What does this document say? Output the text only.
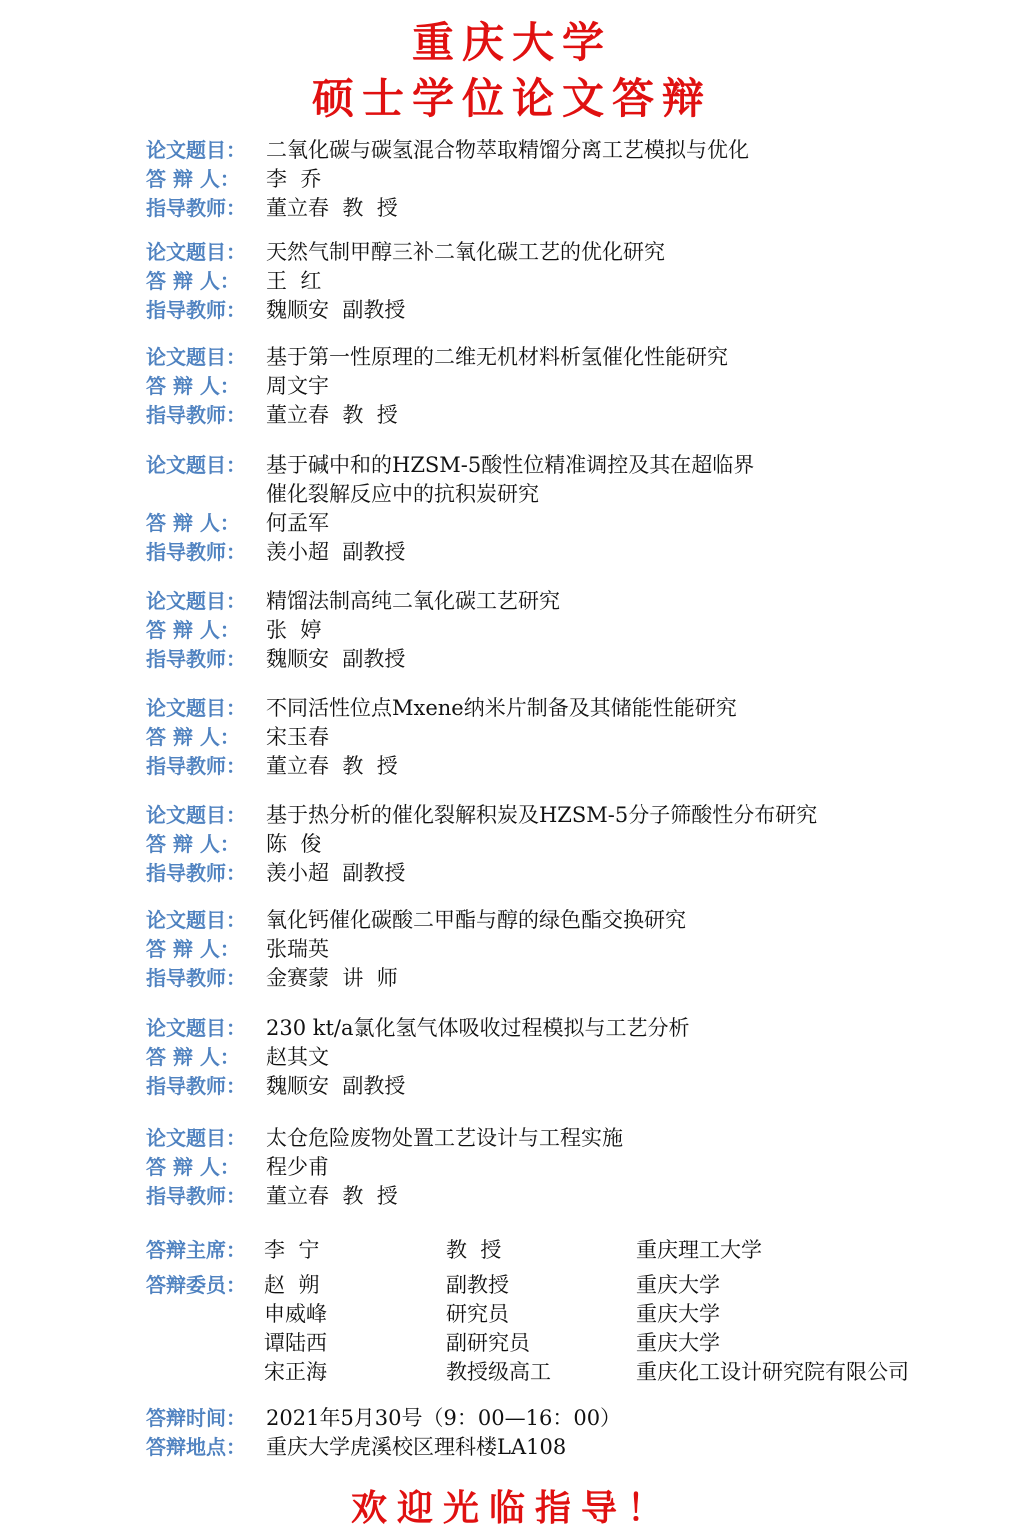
重庆大学
硕士学位论文答辩
论文题目： 二氧化碳与碳氢混合物萃取精馏分离工艺模拟与优化
答 辩 人：	李  乔
指导教师： 董立春  教  授
论文题目： 天然气制甲醇三补二氧化碳工艺的优化研究
答 辩 人：	王  红
指导教师： 魏顺安  副教授
论文题目： 基于第一性原理的二维无机材料析氢催化性能研究
答 辩 人：	周文宇
指导教师： 董立春  教  授
论文题目： 基于碱中和的HZSM-5酸性位精准调控及其在超临界
催化裂解反应中的抗积炭研究
答 辩 人：	何孟军
指导教师： 羡小超  副教授
论文题目： 精馏法制高纯二氧化碳工艺研究
答 辩 人：	张  婷
指导教师： 魏顺安  副教授
论文题目： 不同活性位点Mxene纳米片制备及其储能性能研究
答 辩 人：	宋玉春
指导教师： 董立春  教  授
论文题目： 基于热分析的催化裂解积炭及HZSM-5分子筛酸性分布研究
答 辩 人：	陈  俊
指导教师： 羡小超  副教授
论文题目： 氧化钙催化碳酸二甲酯与醇的绿色酯交换研究
答 辩 人：	张瑞英
指导教师： 金赛蒙  讲  师
论文题目： 230 kt/a氯化氢气体吸收过程模拟与工艺分析
答 辩 人：	赵其文
指导教师： 魏顺安  副教授
论文题目： 太仓危险废物处置工艺设计与工程实施
答 辩 人：	程少甫
指导教师： 董立春  教  授
答辩主席： 李  宁	教  授	重庆理工大学
答辩委员： 赵  朔	副教授	重庆大学
申威峰	研究员	重庆大学
谭陆西	副研究员	重庆大学
宋正海	教授级高工	重庆化工设计研究院有限公司
答辩时间： 2021年5月30号（9：00—16：00）
答辩地点： 重庆大学虎溪校区理科楼LA108
欢迎光临指导！
